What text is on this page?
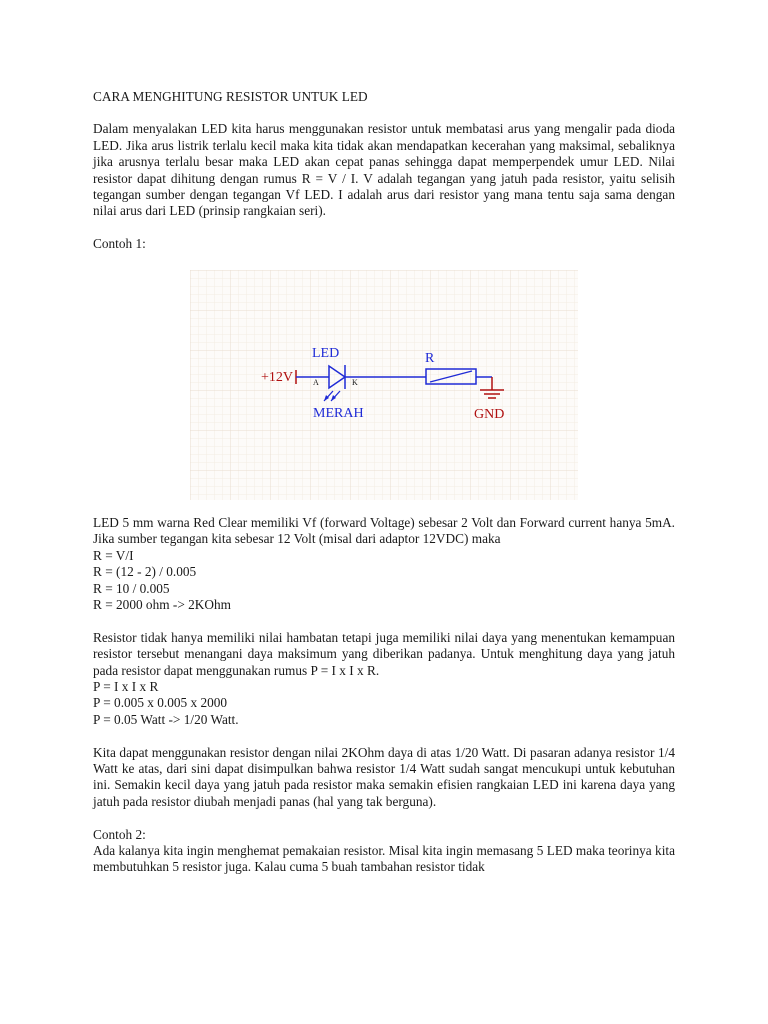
CARA MENGHITUNG RESISTOR UNTUK LED

Dalam menyalakan LED kita harus menggunakan resistor untuk membatasi arus yang mengalir pada dioda LED. Jika arus listrik terlalu kecil maka kita tidak akan mendapatkan kecerahan yang maksimal, sebaliknya jika arusnya terlalu besar maka LED akan cepat panas sehingga dapat memperpendek umur LED. Nilai resistor dapat dihitung dengan rumus R = V / I. V adalah tegangan yang jatuh pada resistor, yaitu selisih tegangan sumber dengan tegangan Vf LED. I adalah arus dari resistor yang mana tentu saja sama dengan nilai arus dari LED (prinsip rangkaian seri).

Contoh 1:

+12V
LED
A	K
MERAH
R
GND

LED 5 mm warna Red Clear memiliki Vf (forward Voltage) sebesar 2 Volt dan Forward current hanya 5mA. Jika sumber tegangan kita sebesar 12 Volt (misal dari adaptor 12VDC) maka

R = V/I
R = (12 - 2) / 0.005
R = 10 / 0.005
R = 2000 ohm -> 2KOhm

Resistor tidak hanya memiliki nilai hambatan tetapi juga memiliki nilai daya yang menentukan kemampuan resistor tersebut menangani daya maksimum yang diberikan padanya. Untuk menghitung daya yang jatuh pada resistor dapat menggunakan rumus P = I x I x R.

P = I x I x R
P = 0.005 x 0.005 x 2000
P = 0.05 Watt -> 1/20 Watt.

Kita dapat menggunakan resistor dengan nilai 2KOhm daya di atas 1/20 Watt. Di pasaran adanya resistor 1/4 Watt ke atas, dari sini dapat disimpulkan bahwa resistor 1/4 Watt sudah sangat mencukupi untuk kebutuhan ini. Semakin kecil daya yang jatuh pada resistor maka semakin efisien rangkaian LED ini karena daya yang jatuh pada resistor diubah menjadi panas (hal yang tak berguna).

Contoh 2:

Ada kalanya kita ingin menghemat pemakaian resistor. Misal kita ingin memasang 5 LED maka teorinya kita membutuhkan 5 resistor juga. Kalau cuma 5 buah tambahan resistor tidak
